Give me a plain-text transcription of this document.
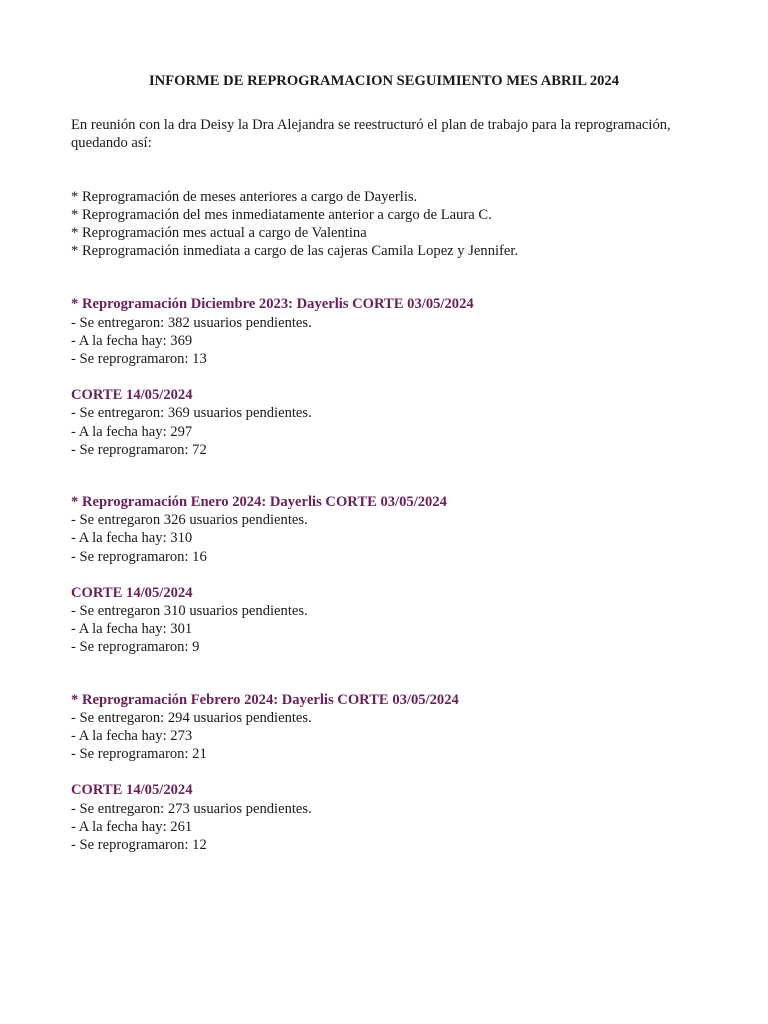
INFORME DE REPROGRAMACION SEGUIMIENTO MES ABRIL 2024

En reunión con la dra Deisy la Dra Alejandra se reestructuró el plan de trabajo para la reprogramación, quedando así:

* Reprogramación de meses anteriores a cargo de Dayerlis.
* Reprogramación del mes inmediatamente anterior a cargo de Laura C.
* Reprogramación mes actual a cargo de Valentina
* Reprogramación inmediata a cargo de las cajeras Camila Lopez y Jennifer.
* Reprogramación Diciembre 2023: Dayerlis CORTE 03/05/2024
- Se entregaron: 382 usuarios pendientes.
- A la fecha hay: 369
- Se reprogramaron: 13
CORTE 14/05/2024
- Se entregaron: 369 usuarios pendientes.
- A la fecha hay: 297
- Se reprogramaron: 72
* Reprogramación Enero 2024: Dayerlis CORTE 03/05/2024
- Se entregaron 326 usuarios pendientes.
- A la fecha hay: 310
- Se reprogramaron: 16
CORTE 14/05/2024
- Se entregaron 310 usuarios pendientes.
- A la fecha hay: 301
- Se reprogramaron: 9
* Reprogramación Febrero 2024: Dayerlis CORTE 03/05/2024
- Se entregaron: 294 usuarios pendientes.
- A la fecha hay: 273
- Se reprogramaron: 21
CORTE 14/05/2024
- Se entregaron: 273 usuarios pendientes.
- A la fecha hay: 261
- Se reprogramaron: 12
